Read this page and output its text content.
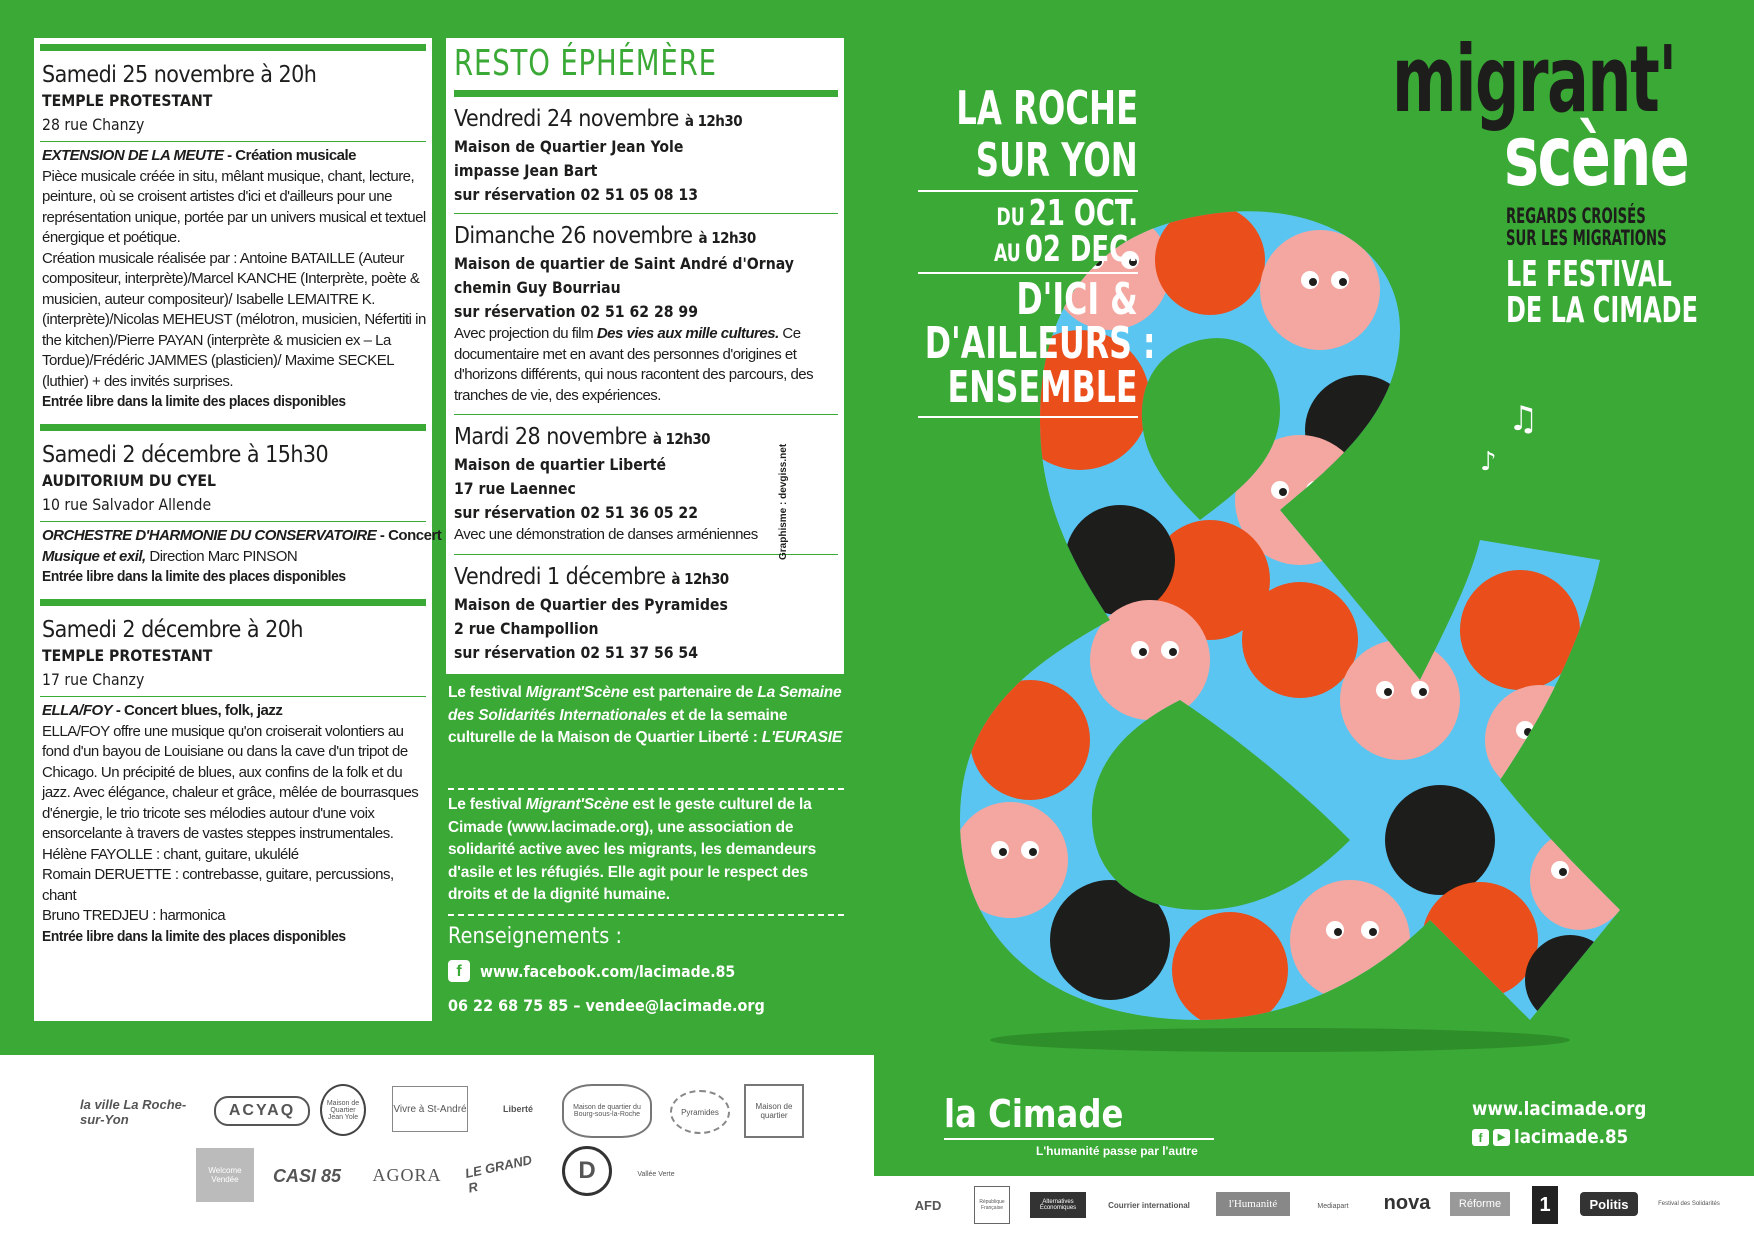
Samedi 25 novembre à 20h
TEMPLE PROTESTANT
28 rue Chanzy
EXTENSION DE LA MEUTE - Création musicale
Pièce musicale créée in situ, mêlant musique, chant, lecture, peinture, où se croisent artistes d'ici et d'ailleurs pour une représentation unique, portée par un univers musical et textuel énergique et poétique.
Création musicale réalisée par : Antoine BATAILLE (Auteur compositeur, interprète)/Marcel KANCHE (Interprète, poète & musicien, auteur compositeur)/ Isabelle LEMAITRE K. (interprète)/Nicolas MEHEUST (mélotron, musicien, Néfertiti in the kitchen)/Pierre PAYAN (interprète & musicien ex – La Tordue)/Frédéric JAMMES (plasticien)/ Maxime SECKEL (luthier) + des invités surprises.
Entrée libre dans la limite des places disponibles
Samedi 2 décembre à 15h30
AUDITORIUM DU CYEL
10 rue Salvador Allende
ORCHESTRE D'HARMONIE DU CONSERVATOIRE - Concert
Musique et exil, Direction Marc PINSON
Entrée libre dans la limite des places disponibles
Samedi 2 décembre à 20h
TEMPLE PROTESTANT
17 rue Chanzy
ELLA/FOY - Concert blues, folk, jazz
ELLA/FOY offre une musique qu'on croiserait volontiers au fond d'un bayou de Louisiane ou dans la cave d'un tripot de Chicago. Un précipité de blues, aux confins de la folk et du jazz. Avec élégance, chaleur et grâce, mêlée de bourrasques d'énergie, le trio tricote ses mélodies autour d'une voix ensorcelante à travers de vastes steppes instrumentales.
Hélène FAYOLLE : chant, guitare, ukulélé
Romain DERUETTE : contrebasse, guitare, percussions, chant
Bruno TREDJEU : harmonica
Entrée libre dans la limite des places disponibles
RESTO ÉPHÉMÈRE
Vendredi 24 novembre à 12h30
Maison de Quartier Jean Yole
impasse Jean Bart
sur réservation 02 51 05 08 13
Dimanche 26 novembre à 12h30
Maison de quartier de Saint André d'Ornay
chemin Guy Bourriau
sur réservation 02 51 62 28 99
Avec projection du film Des vies aux mille cultures. Ce documentaire met en avant des personnes d'origines et d'horizons différents, qui nous racontent des parcours, des tranches de vie, des expériences.
Mardi 28 novembre à 12h30
Maison de quartier Liberté
17 rue Laennec
sur réservation 02 51 36 05 22
Avec une démonstration de danses arméniennes
Vendredi 1 décembre à 12h30
Maison de Quartier des Pyramides
2 rue Champollion
sur réservation 02 51 37 56 54
Graphisme : devgiss.net
Le festival Migrant'Scène est partenaire de La Semaine des Solidarités Internationales et de la semaine culturelle de la Maison de Quartier Liberté : L'EURASIE
Le festival Migrant'Scène est le geste culturel de la Cimade (www.lacimade.org), une association de solidarité active avec les migrants, les demandeurs d'asile et les réfugiés. Elle agit pour le respect des droits et de la dignité humaine.
Renseignements :
f	www.facebook.com/lacimade.85
06 22 68 75 85 – vendee@lacimade.org
la ville La Roche-sur-Yon
ACYAQ	Maison de Quartier Jean Yole
Vivre à St-André	Liberté	Maison de quartier du Bourg-sous-la-Roche	Pyramides
Maison de quartier
Welcome Vendée	CASI 85	AGORA	LE GRAND R
D	Vallée Verte
♫
♪
LA ROCHE
SUR YON
DU 21 OCT.
AU 02 DEC.
D'ICI &
D'AILLEURS :
ENSEMBLE
migrant'
scène
REGARDS CROISÉS
SUR LES MIGRATIONS
LE FESTIVAL
DE LA CIMADE
la Cimade
L'humanité passe par l'autre
www.lacimade.org
f	▶ lacimade.85
AFD	République Française
Alternatives Économiques	Courrier international	l'Humanité	Mediapart	nova	Réforme	1	Politis	Festival des Solidarités
